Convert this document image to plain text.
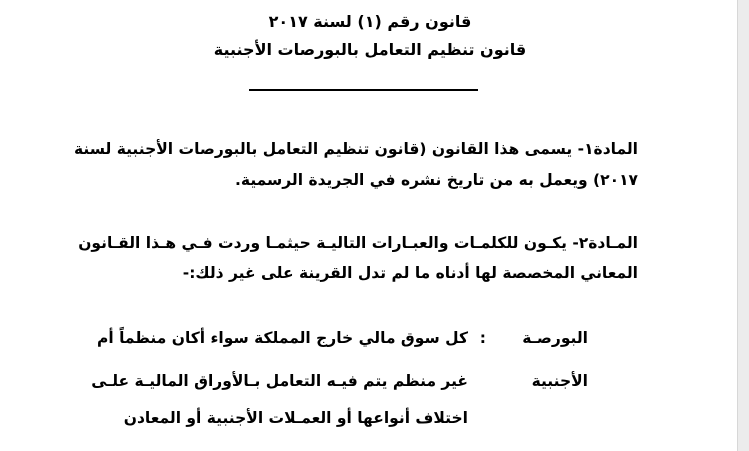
قانون رقم (١) لسنة ٢٠١٧
قانون تنظيم التعامل بالبورصات الأجنبية
المادة١- يسمى هذا القانون (قانون تنظيم التعامل بالبورصات الأجنبية لسنة
٢٠١٧) ويعمل به من تاريخ نشره في الجريدة الرسمية.
المـادة٢- يكـون للكلمـات والعبـارات التاليـة حيثمـا وردت فـي هـذا القـانون
المعاني المخصصة لها أدناه ما لم تدل القرينة على غير ذلك:-
البورصـة
:
كل سوق مالي خارج المملكة سواء أكان منظماً أم
الأجنبية
غير منظم يتم فيـه التعامل بـالأوراق الماليـة علـى
اختلاف أنواعها أو العمـلات الأجنبية أو المعادن
